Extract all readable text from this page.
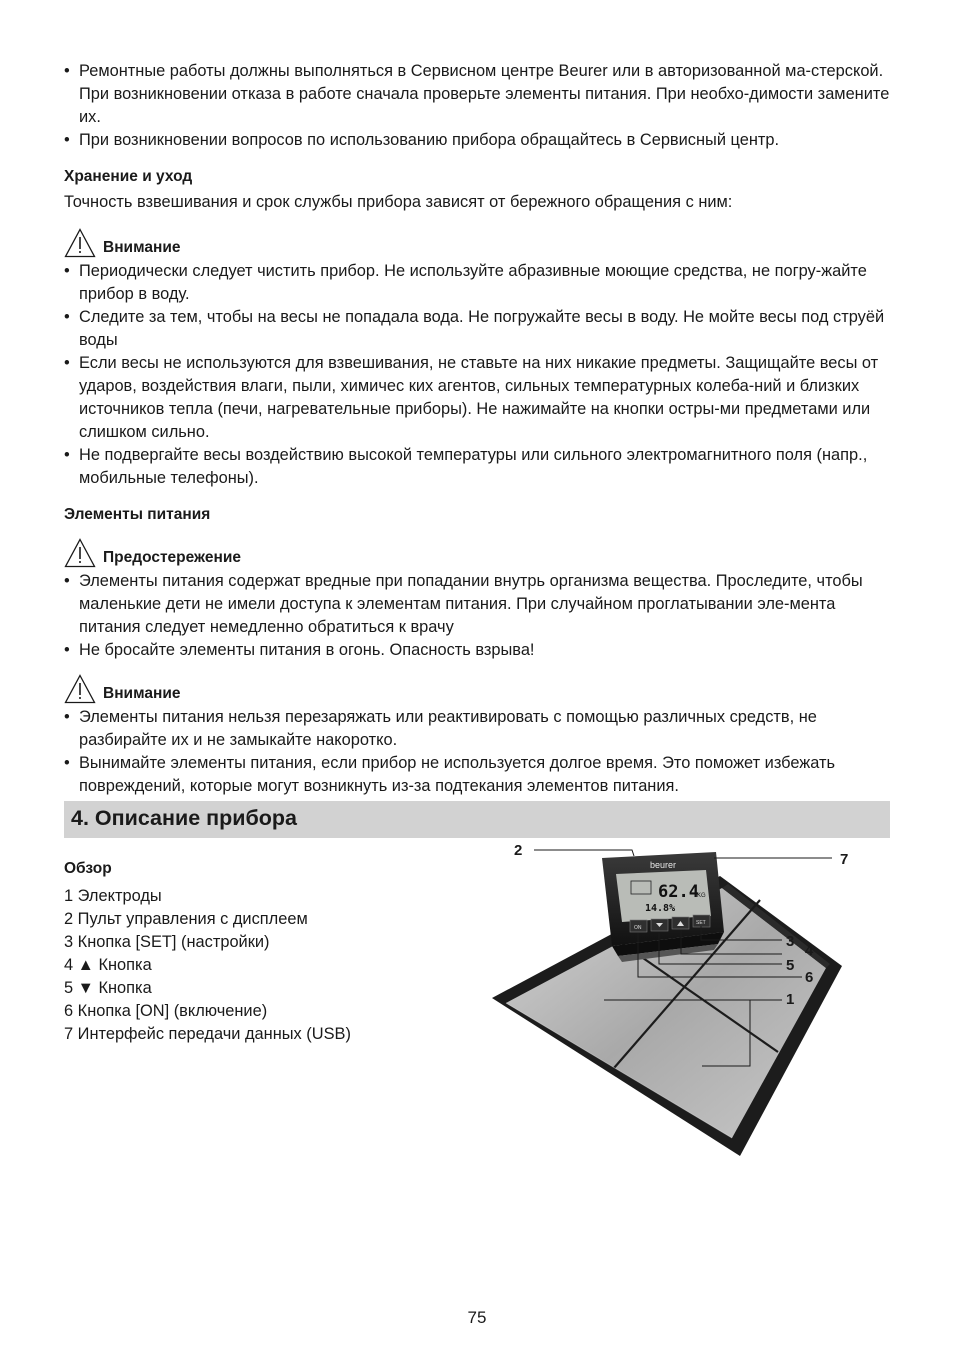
• Ремонтные работы должны выполняться в Сервисном центре Beurer или в авторизованной ма-стерской. При возникновении отказа в работе сначала проверьте элементы питания. При необхо-димости замените их.
• При возникновении вопросов по использованию прибора обращайтесь в Сервисный центр.
Хранение и уход

Точность взвешивания и срок службы прибора зависят от бережного обращения с ним:

Внимание
• Периодически следует чистить прибор. Не используйте абразивные моющие средства, не погру-жайте прибор в воду.
• Следите за тем, чтобы на весы не попадала вода. Не погружайте весы в воду. Не мойте весы под струёй воды
• Если весы не используются для взвешивания, не ставьте на них никакие предметы. Защищайте весы от ударов, воздействия влаги, пыли, химичес ких агентов, сильных температурных колеба-ний и близких источников тепла (печи, нагревательные приборы). Не нажимайте на кнопки остры-ми предметами или слишком сильно.
• Не подвергайте весы воздействию высокой температуры или сильного электромагнитного поля (напр., мобильные телефоны).
Элементы питания
Предостережение
• Элементы питания содержат вредные при попадании внутрь организма вещества. Проследите, чтобы маленькие дети не имели доступа к элементам питания. При случайном проглатывании эле-мента питания следует немедленно обратиться к врачу
• Не бросайте элементы питания в огонь. Опасность взрыва!
Внимание
• Элементы питания нельзя перезаряжать или реактивировать с помощью различных средств, не разбирайте их и не замыкайте накоротко.
• Вынимайте элементы питания, если прибор не используется долгое время. Это поможет избежать повреждений, которые могут возникнуть из-за подтекания элементов питания.
4. Описание прибора
Обзор
1 Электроды
2 Пульт управления с дисплеем
3 Кнопка [SET] (настройки)
4 ▲ Кнопка
5 ▼ Кнопка
6 Кнопка [ON] (включение)
7 Интерфейс передачи данных (USB)
beurer
62.4
KG
14.8%
ON
SET
2
7
3
4
5
6
1
75
